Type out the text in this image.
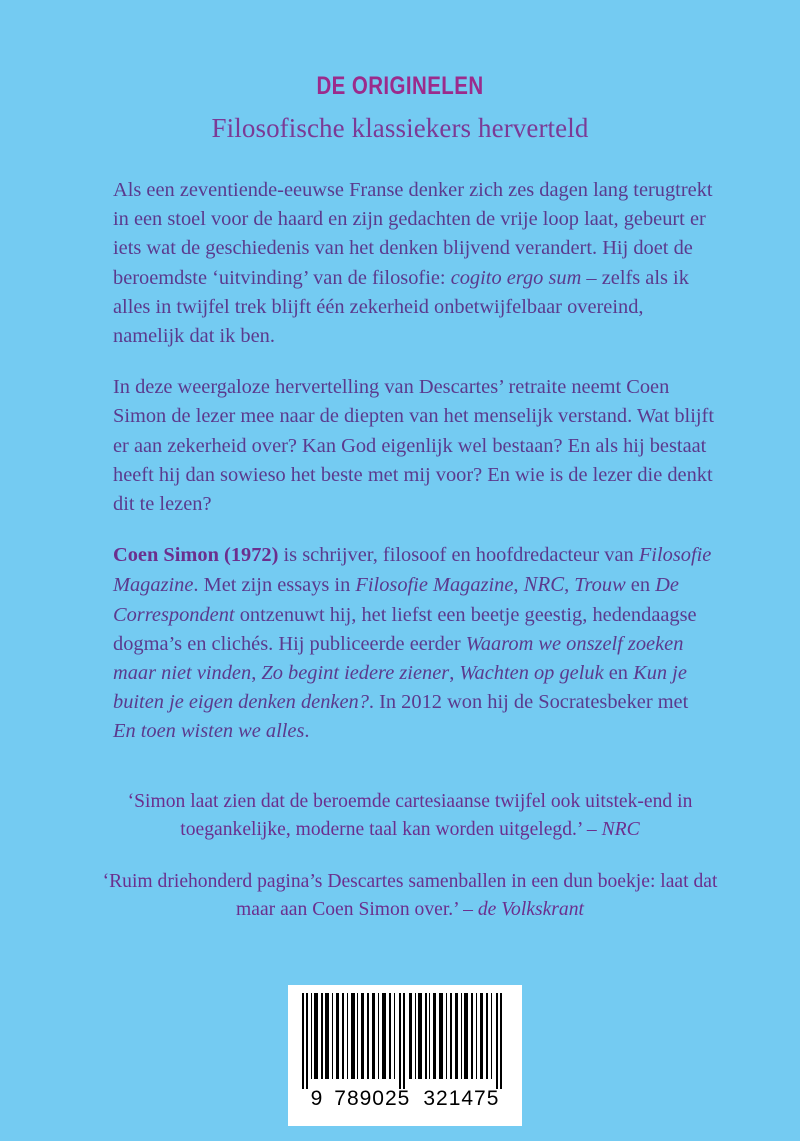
DE ORIGINELEN
Filosofische klassiekers herverteld

Als een zeventiende-eeuwse Franse denker zich zes dagen lang terugtrekt in een stoel voor de haard en zijn gedachten de vrije loop laat, gebeurt er iets wat de geschiedenis van het denken blijvend verandert. Hij doet de beroemdste ‘uitvinding’ van de filosofie: cogito ergo sum – zelfs als ik alles in twijfel trek blijft één zekerheid onbetwijfelbaar overeind, namelijk dat ik ben.

In deze weergaloze hervertelling van Descartes’ retraite neemt Coen Simon de lezer mee naar de diepten van het menselijk verstand. Wat blijft er aan zekerheid over? Kan God eigenlijk wel bestaan? En als hij bestaat heeft hij dan sowieso het beste met mij voor? En wie is de lezer die denkt dit te lezen?

Coen Simon (1972) is schrijver, filosoof en hoofdredacteur van Filosofie Magazine. Met zijn essays in Filosofie Magazine, NRC, Trouw en De Correspondent ontzenuwt hij, het liefst een beetje geestig, hedendaagse dogma’s en clichés. Hij publiceerde eerder Waarom we onszelf zoeken maar niet vinden, Zo begint iedere ziener, Wachten op geluk en Kun je buiten je eigen denken denken?. In 2012 won hij de Socratesbeker met En toen wisten we alles.

‘Simon laat zien dat de beroemde cartesiaanse twijfel ook uitstek-end in toegankelijke, moderne taal kan worden uitgelegd.’ – NRC

‘Ruim driehonderd pagina’s Descartes samenballen in een dun boekje: laat dat maar aan Coen Simon over.’ – de Volkskrant

9 789025 321475
